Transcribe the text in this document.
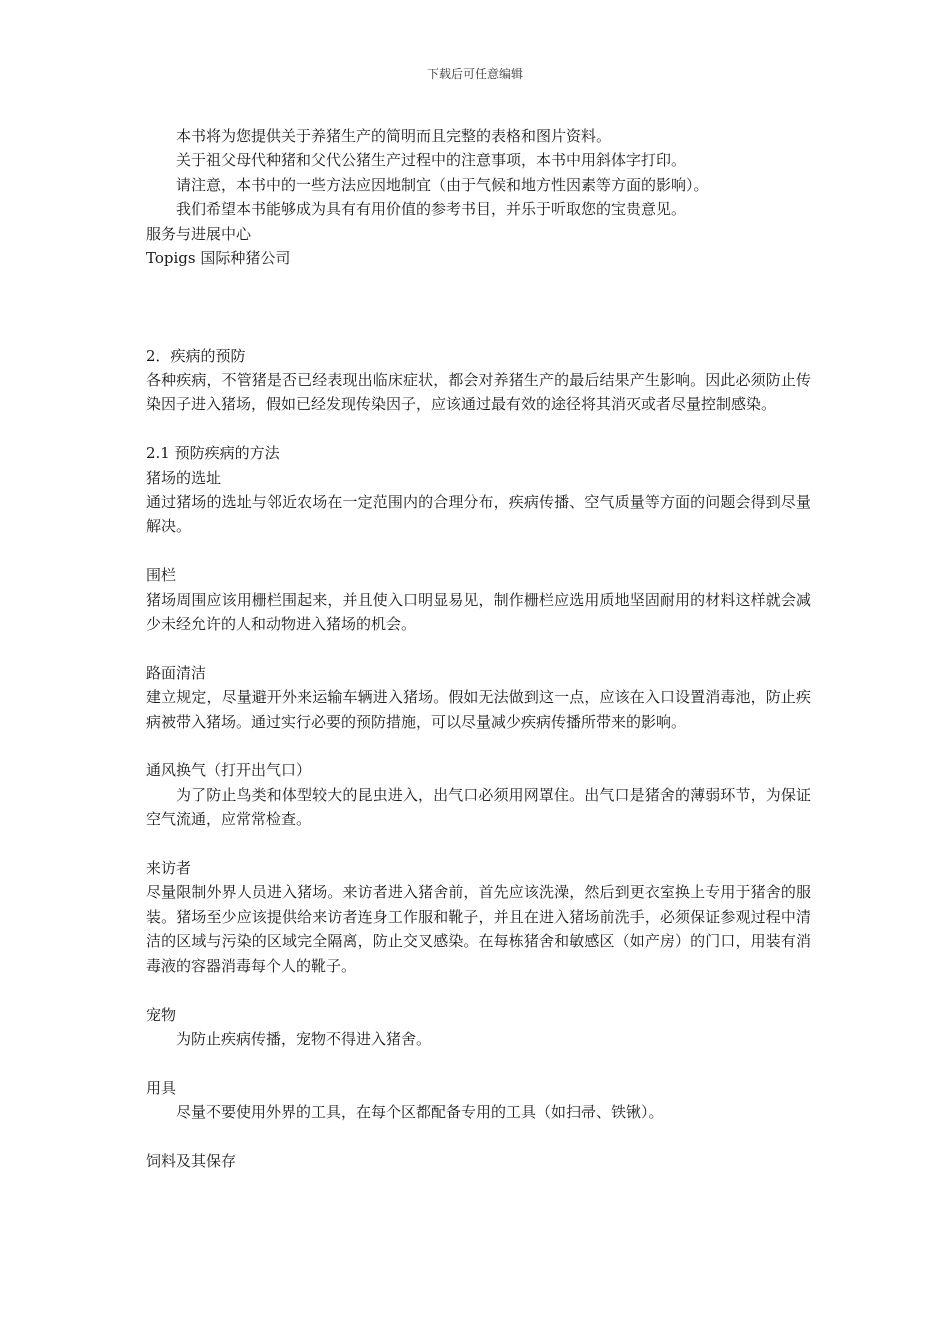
下载后可任意编辑

本书将为您提供关于养猪生产的简明而且完整的表格和图片资料。

关于祖父母代种猪和父代公猪生产过程中的注意事项，本书中用斜体字打印。

请注意，本书中的一些方法应因地制宜（由于气候和地方性因素等方面的影响）。

我们希望本书能够成为具有有用价值的参考书目，并乐于听取您的宝贵意见。

服务与进展中心

Topigs 国际种猪公司

2．疾病的预防

各种疾病，不管猪是否已经表现出临床症状，都会对养猪生产的最后结果产生影响。因此必须防止传染因子进入猪场，假如已经发现传染因子，应该通过最有效的途径将其消灭或者尽量控制感染。

2.1 预防疾病的方法

猪场的选址

通过猪场的选址与邻近农场在一定范围内的合理分布，疾病传播、空气质量等方面的问题会得到尽量解决。

围栏

猪场周围应该用栅栏围起来，并且使入口明显易见，制作栅栏应选用质地坚固耐用的材料这样就会减少未经允许的人和动物进入猪场的机会。

路面清洁

建立规定，尽量避开外来运输车辆进入猪场。假如无法做到这一点，应该在入口设置消毒池，防止疾病被带入猪场。通过实行必要的预防措施，可以尽量减少疾病传播所带来的影响。

通风换气（打开出气口）

为了防止鸟类和体型较大的昆虫进入，出气口必须用网罩住。出气口是猪舍的薄弱环节，为保证空气流通，应常常检查。

来访者

尽量限制外界人员进入猪场。来访者进入猪舍前，首先应该洗澡，然后到更衣室换上专用于猪舍的服装。猪场至少应该提供给来访者连身工作服和靴子，并且在进入猪场前洗手，必须保证参观过程中清洁的区域与污染的区域完全隔离，防止交叉感染。在每栋猪舍和敏感区（如产房）的门口，用装有消毒液的容器消毒每个人的靴子。

宠物

为防止疾病传播，宠物不得进入猪舍。

用具

尽量不要使用外界的工具，在每个区都配备专用的工具（如扫帚、铁锹）。

饲料及其保存
